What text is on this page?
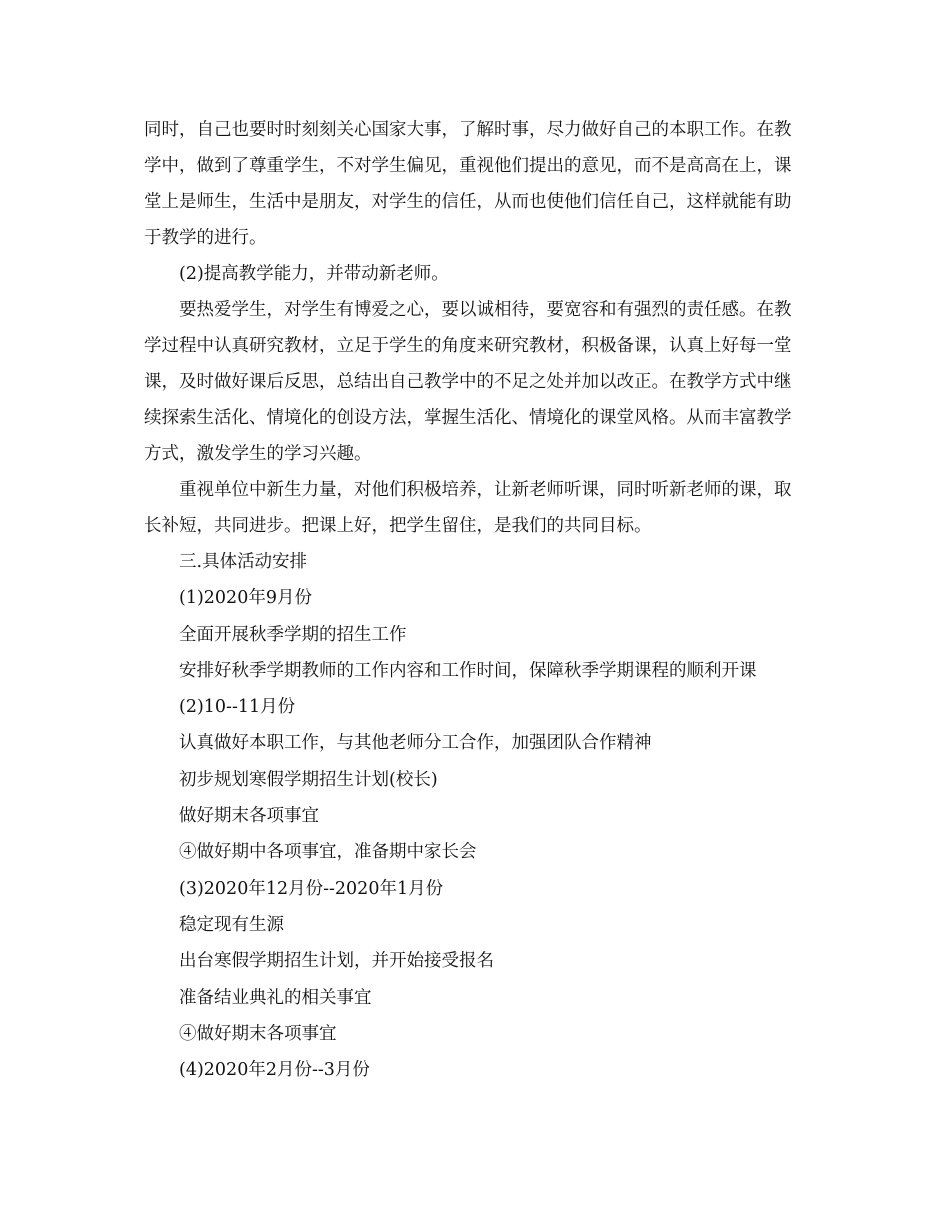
同时，自己也要时时刻刻关心国家大事，了解时事，尽力做好自己的本职工作。在教学中，做到了尊重学生，不对学生偏见，重视他们提出的意见，而不是高高在上，课堂上是师生，生活中是朋友，对学生的信任，从而也使他们信任自己，这样就能有助于教学的进行。

(2)提高教学能力，并带动新老师。

要热爱学生，对学生有博爱之心，要以诚相待，要宽容和有强烈的责任感。在教学过程中认真研究教材，立足于学生的角度来研究教材，积极备课，认真上好每一堂课，及时做好课后反思，总结出自己教学中的不足之处并加以改正。在教学方式中继续探索生活化、情境化的创设方法，掌握生活化、情境化的课堂风格。从而丰富教学方式，激发学生的学习兴趣。

重视单位中新生力量，对他们积极培养，让新老师听课，同时听新老师的课，取长补短，共同进步。把课上好，把学生留住，是我们的共同目标。

三.具体活动安排

(1)2020年9月份

全面开展秋季学期的招生工作

安排好秋季学期教师的工作内容和工作时间，保障秋季学期课程的顺利开课

(2)10--11月份

认真做好本职工作，与其他老师分工合作，加强团队合作精神

初步规划寒假学期招生计划(校长)

做好期末各项事宜

④做好期中各项事宜，准备期中家长会

(3)2020年12月份--2020年1月份

稳定现有生源

出台寒假学期招生计划，并开始接受报名

准备结业典礼的相关事宜

④做好期末各项事宜

(4)2020年2月份--3月份
